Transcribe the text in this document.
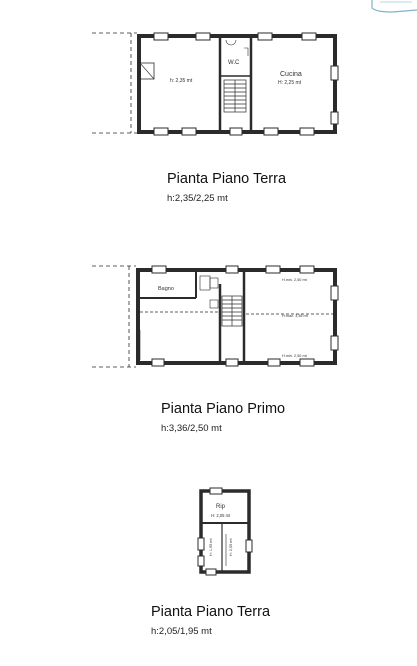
h: 2,35 mt
W.C
Cucina
H: 2,25 mt
Bagno
H.min. 2,50 mt
H.max. 3,36 mt
H.min. 2,50 mt
Rip
H: 2,05 mt
H: 1,95 mt	H: 2,05 mt
Pianta Piano Terra
h:2,35/2,25 mt
Pianta Piano Primo
h:3,36/2,50 mt
Pianta Piano Terra
h:2,05/1,95 mt
